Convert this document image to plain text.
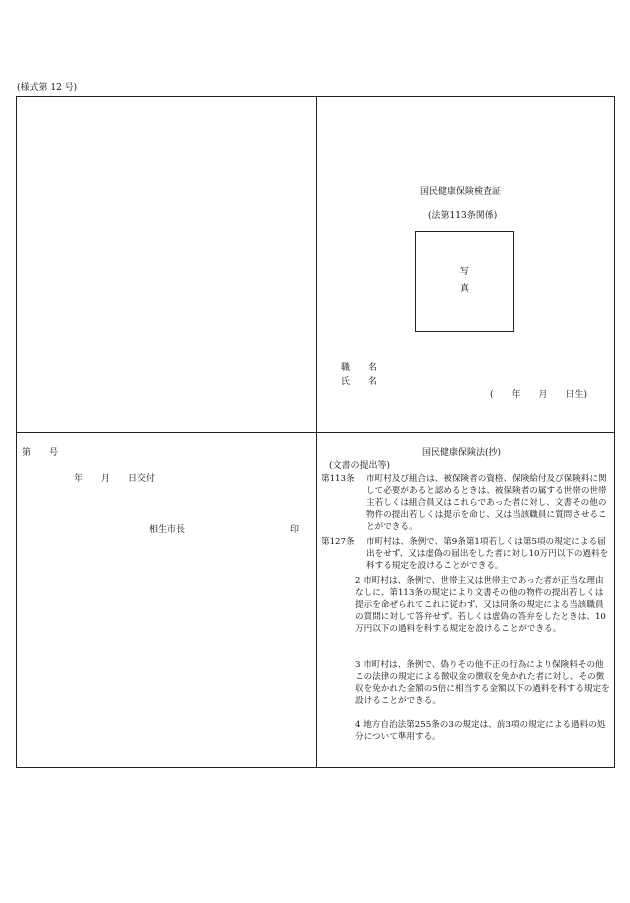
(様式第 12 号)
国民健康保険検査証
(法第113条関係)
写
真
職　　名
氏　　名
(　　年　　月　　日生)
第　　号
年　　月　　日交付
相生市長	印
国民健康保険法(抄)
(文書の提出等)
第113条 市町村及び組合は、被保険者の資格、保険給付及び保険料に関して必要があると認めるときは、被保険者の属する世帯の世帯主若しくは組合員又はこれらであった者に対し、文書その他の物件の提出若しくは提示を命じ、又は当該職員に質問させることができる。
第127条 市町村は、条例で、第9条第1項若しくは第5項の規定による届出をせず、又は虚偽の届出をした者に対し10万円以下の過料を科する規定を設けることができる。
2 市町村は、条例で、世帯主又は世帯主であった者が正当な理由なしに、第113条の規定により文書その他の物件の提出若しくは提示を命ぜられてこれに従わず、又は同条の規定による当該職員の質問に対して答弁せず、若しくは虚偽の答弁をしたときは、10万円以下の過料を科する規定を設けることができる。
3 市町村は、条例で、偽りその他不正の行為により保険料その他この法律の規定による徴収金の徴収を免かれた者に対し、その徴収を免かれた金額の5倍に相当する金額以下の過料を科する規定を設けることができる。
4 地方自治法第255条の3の規定は、前3項の規定による過料の処分について準用する。
